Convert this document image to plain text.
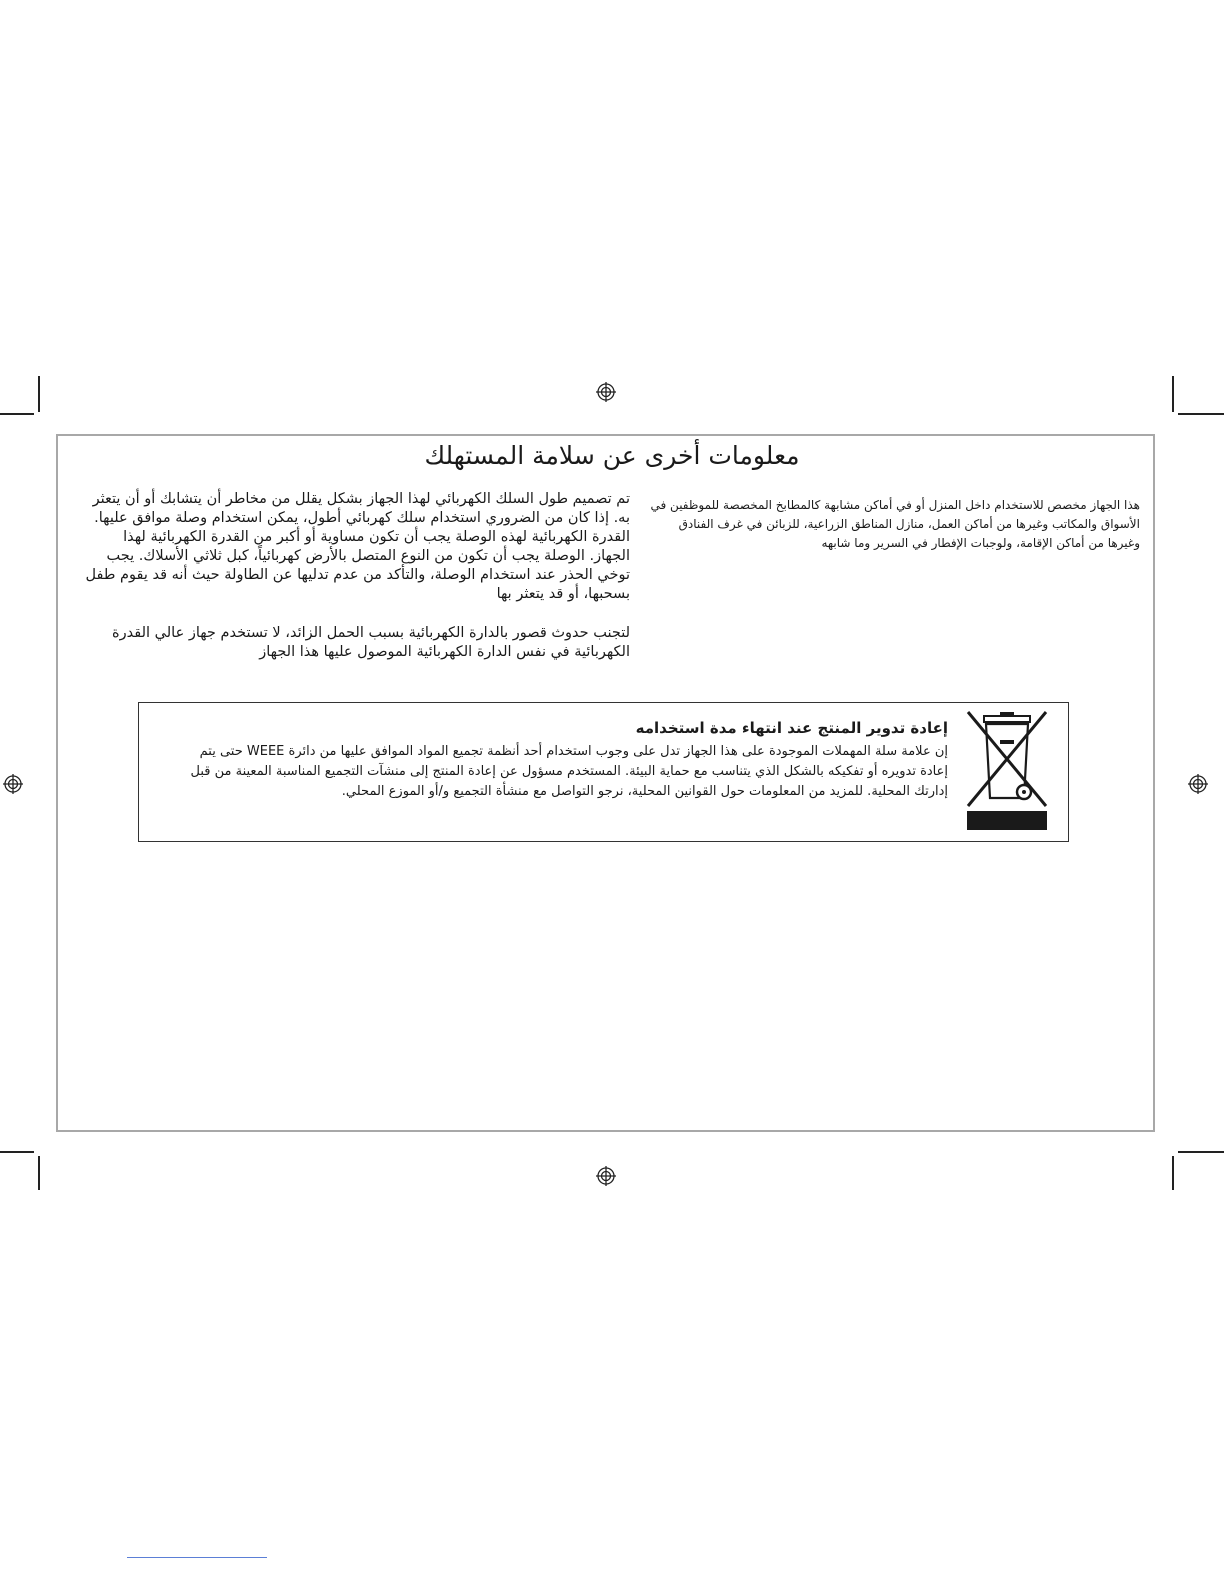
معلومات أخرى عن سلامة المستهلك

هذا الجهاز مخصص للاستخدام داخل المنزل أو في أماكن مشابهة كالمطابخ المخصصة للموظفين في الأسواق والمكاتب وغيرها من أماكن العمل، منازل المناطق الزراعية، للزبائن في غرف الفنادق وغيرها من أماكن الإقامة، ولوجبات الإفطار في السرير وما شابهه

تم تصميم طول السلك الكهربائي لهذا الجهاز بشكل يقلل من مخاطر أن يتشابك أو أن يتعثر به. إذا كان من الضروري استخدام سلك كهربائي أطول، يمكن استخدام وصلة موافق عليها. القدرة الكهربائية لهذه الوصلة يجب أن تكون مساوية أو أكبر من القدرة الكهربائية لهذا الجهاز. الوصلة يجب أن تكون من النوع المتصل بالأرض كهربائياً، كبل ثلاثي الأسلاك. يجب توخي الحذر عند استخدام الوصلة، والتأكد من عدم تدليها عن الطاولة حيث أنه قد يقوم طفل بسحبها، أو قد يتعثر بها

لتجنب حدوث قصور بالدارة الكهربائية بسبب الحمل الزائد، لا تستخدم جهاز عالي القدرة الكهربائية في نفس الدارة الكهربائية الموصول عليها هذا الجهاز

إعادة تدوير المنتج عند انتهاء مدة استخدامه

إن علامة سلة المهملات الموجودة على هذا الجهاز تدل على وجوب استخدام أحد أنظمة تجميع المواد الموافق عليها من دائرة WEEE حتى يتم إعادة تدويره أو تفكيكه بالشكل الذي يتناسب مع حماية البيئة. المستخدم مسؤول عن إعادة المنتج إلى منشآت التجميع المناسبة المعينة من قبل إدارتك المحلية. للمزيد من المعلومات حول القوانين المحلية، نرجو التواصل مع منشأة التجميع و/أو الموزع المحلي.
